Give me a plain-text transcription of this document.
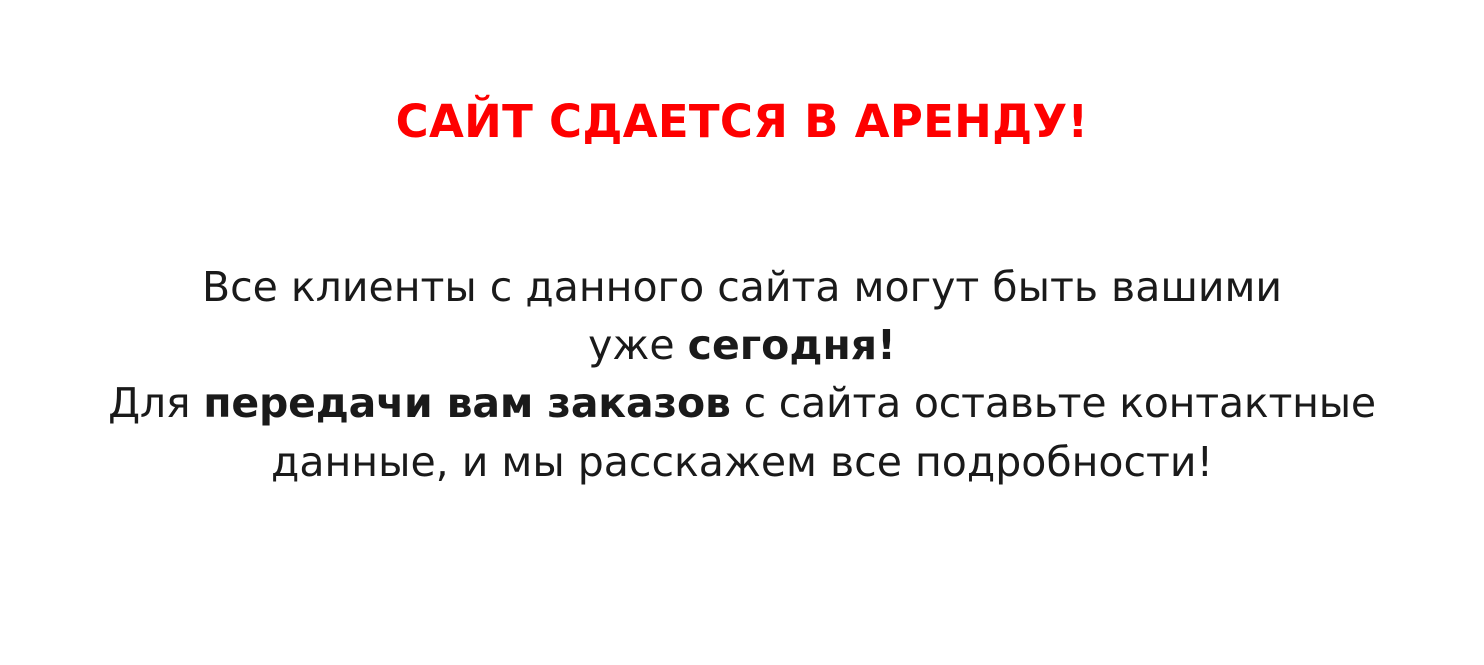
САЙТ СДАЕТСЯ В АРЕНДУ!
Все клиенты с данного сайта могут быть вашими
уже сегодня!
Для передачи вам заказов с сайта оставьте контактные
данные, и мы расскажем все подробности!
